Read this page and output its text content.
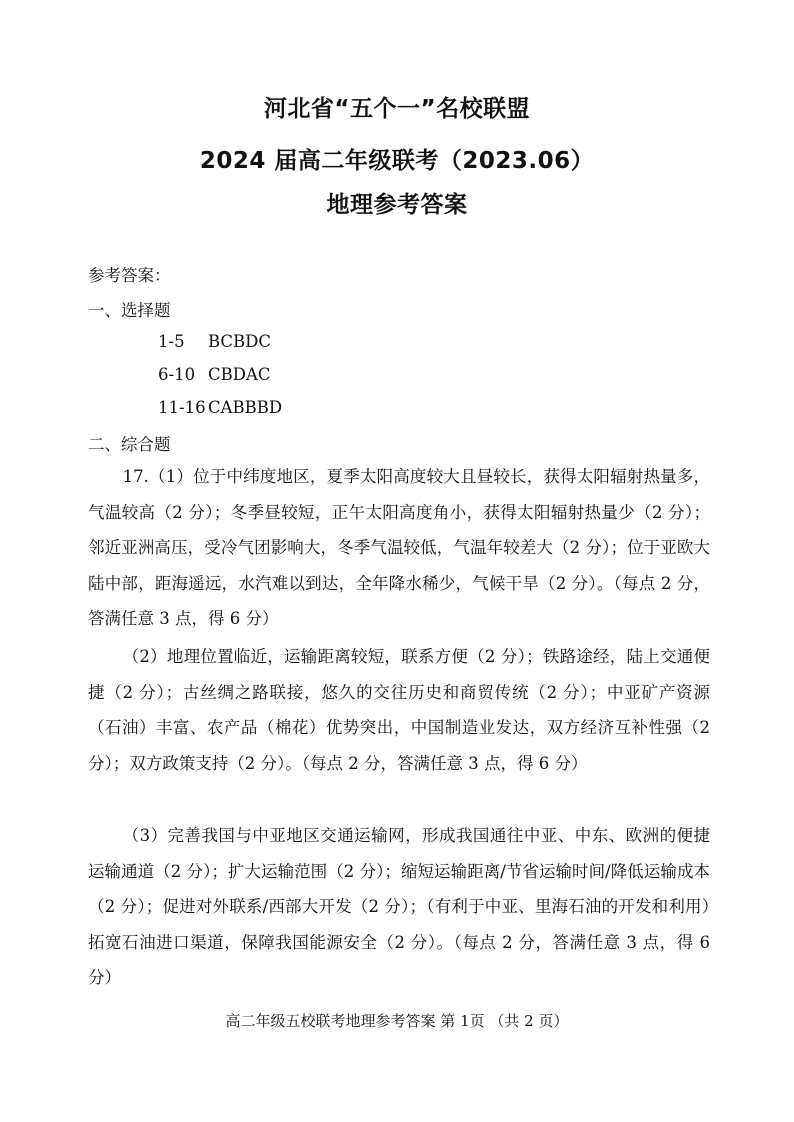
河北省“五个一”名校联盟
2024 届高二年级联考（2023.06）
地理参考答案
参考答案：
一、选择题
1-5 BCBDC
6-10 CBDAC
11-16 CABBBD
二、综合题
17.（1）位于中纬度地区，夏季太阳高度较大且昼较长，获得太阳辐射热量多，气温较高（2 分）；冬季昼较短，正午太阳高度角小，获得太阳辐射热量少（2 分）；邻近亚洲高压，受冷气团影响大，冬季气温较低，气温年较差大（2 分）；位于亚欧大陆中部，距海遥远，水汽难以到达，全年降水稀少，气候干旱（2 分）。（每点 2 分，答满任意 3 点，得 6 分）
（2）地理位置临近，运输距离较短，联系方便（2 分）；铁路途经，陆上交通便捷（2 分）；古丝绸之路联接，悠久的交往历史和商贸传统（2 分）；中亚矿产资源（石油）丰富、农产品（棉花）优势突出，中国制造业发达，双方经济互补性强（2 分）；双方政策支持（2 分）。（每点 2 分，答满任意 3 点，得 6 分）
（3）完善我国与中亚地区交通运输网，形成我国通往中亚、中东、欧洲的便捷运输通道（2 分）；扩大运输范围（2 分）；缩短运输距离/节省运输时间/降低运输成本（2 分）；促进对外联系/西部大开发（2 分）；（有利于中亚、里海石油的开发和利用）拓宽石油进口渠道，保障我国能源安全（2 分）。（每点 2 分，答满任意 3 点，得 6 分）
高二年级五校联考地理参考答案 第 1页 （共 2 页）
